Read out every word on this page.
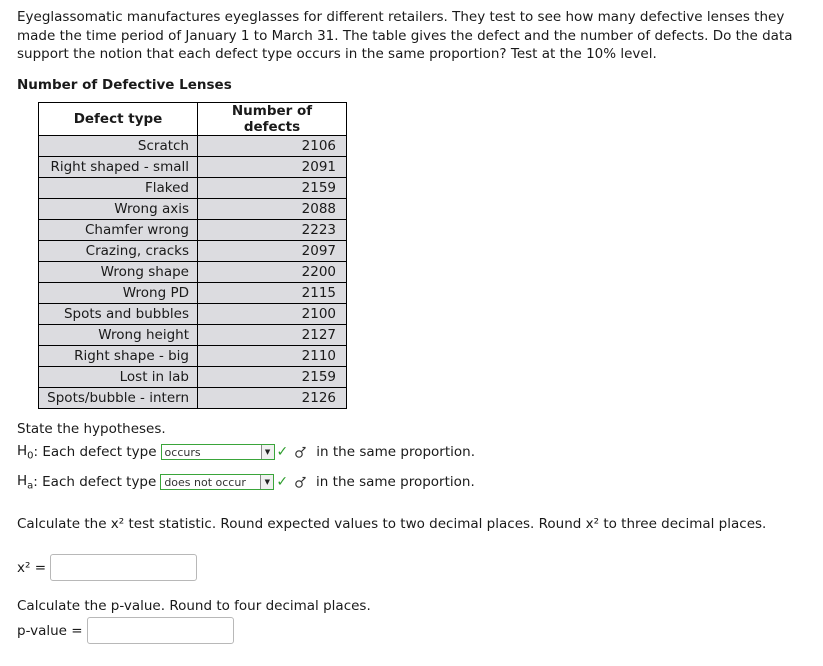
Eyeglassomatic manufactures eyeglasses for different retailers. They test to see how many defective lenses they made the time period of January 1 to March 31. The table gives the defect and the number of defects. Do the data support the notion that each defect type occurs in the same proportion? Test at the 10% level.
Number of Defective Lenses
Defect type	Number of defects
Scratch	2106
Right shaped - small	2091
Flaked	2159
Wrong axis	2088
Chamfer wrong	2223
Crazing, cracks	2097
Wrong shape	2200
Wrong PD	2115
Spots and bubbles	2100
Wrong height	2127
Right shape - big	2110
Lost in lab	2159
Spots/bubble - intern	2126
State the hypotheses.
$H_0$ : Each defect type occurs	▼ ✓ in the same proportion.
$H_a$ : Each defect type does not occur	▼ ✓ in the same proportion.
Calculate the x² test statistic. Round expected values to two decimal places. Round x² to three decimal places.
x² =
Calculate the p-value. Round to four decimal places.
p-value =
